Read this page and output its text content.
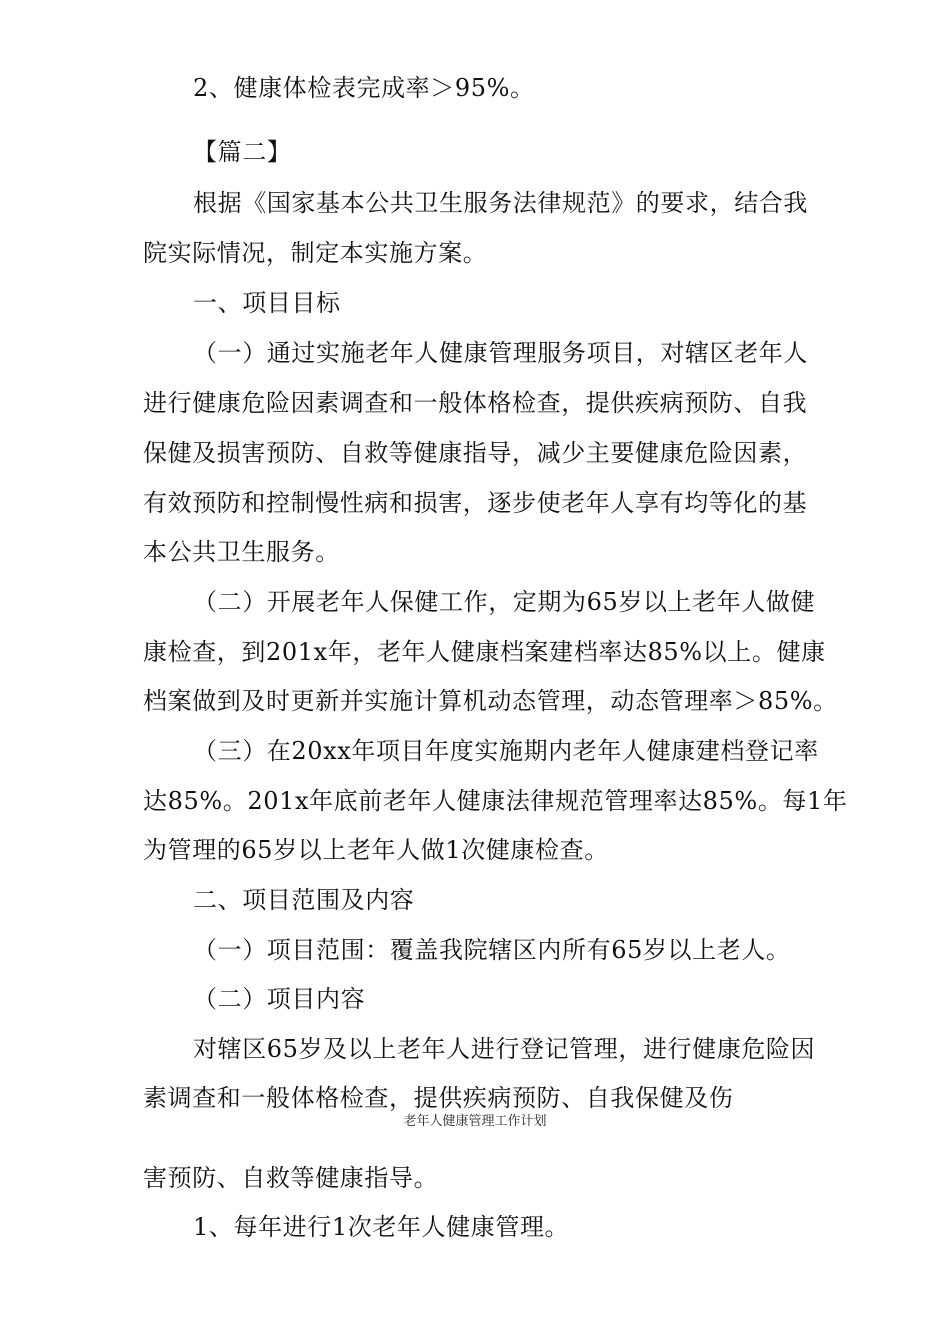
2、健康体检表完成率＞95%。
【篇二】
根据《国家基本公共卫生服务法律规范》的要求，结合我
院实际情况，制定本实施方案。
一、项目目标
（一）通过实施老年人健康管理服务项目，对辖区老年人
进行健康危险因素调查和一般体格检查，提供疾病预防、自我
保健及损害预防、自救等健康指导，减少主要健康危险因素，
有效预防和控制慢性病和损害，逐步使老年人享有均等化的基
本公共卫生服务。
（二）开展老年人保健工作，定期为65岁以上老年人做健
康检查，到201x年，老年人健康档案建档率达85%以上。健康
档案做到及时更新并实施计算机动态管理，动态管理率＞85%。
（三）在20xx年项目年度实施期内老年人健康建档登记率
达85%。201x年底前老年人健康法律规范管理率达85%。每1年
为管理的65岁以上老年人做1次健康检查。
二、项目范围及内容
（一）项目范围：覆盖我院辖区内所有65岁以上老人。
（二）项目内容
对辖区65岁及以上老年人进行登记管理，进行健康危险因
素调查和一般体格检查，提供疾病预防、自我保健及伤
老年人健康管理工作计划
害预防、自救等健康指导。
1、每年进行1次老年人健康管理。
